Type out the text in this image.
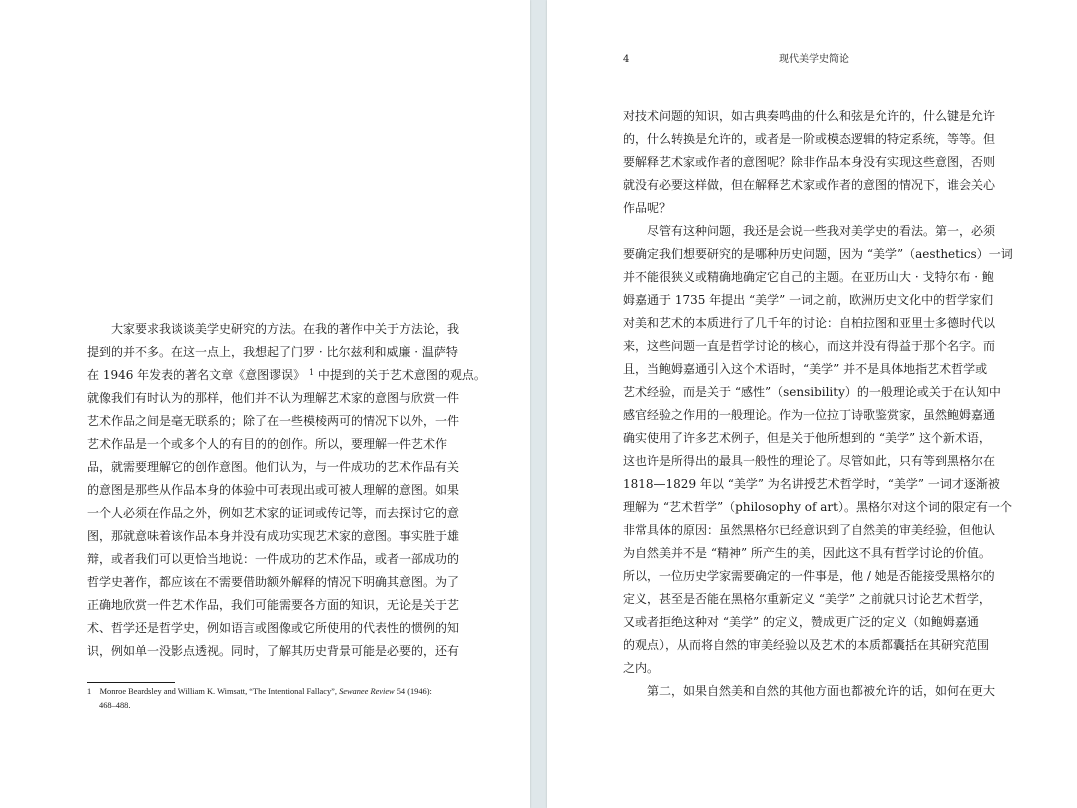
大家要求我谈谈美学史研究的方法。在我的著作中关于方法论，我
提到的并不多。在这一点上，我想起了门罗 · 比尔兹利和威廉 · 温萨特
在 1946 年发表的著名文章《意图谬误》 $^1$ 中提到的关于艺术意图的观点。
就像我们有时认为的那样，他们并不认为理解艺术家的意图与欣赏一件
艺术作品之间是毫无联系的；除了在一些模棱两可的情况下以外，一件
艺术作品是一个或多个人的有目的的创作。所以，要理解一件艺术作
品，就需要理解它的创作意图。他们认为，与一件成功的艺术作品有关
的意图是那些从作品本身的体验中可表现出或可被人理解的意图。如果
一个人必须在作品之外，例如艺术家的证词或传记等，而去探讨它的意
图，那就意味着该作品本身并没有成功实现艺术家的意图。事实胜于雄
辩，或者我们可以更恰当地说：一件成功的艺术作品，或者一部成功的
哲学史著作，都应该在不需要借助额外解释的情况下明确其意图。为了
正确地欣赏一件艺术作品，我们可能需要各方面的知识，无论是关于艺
术、哲学还是哲学史，例如语言或图像或它所使用的代表性的惯例的知
识，例如单一没影点透视。同时，了解其历史背景可能是必要的，还有
1 Monroe Beardsley and William K. Wimsatt, “The Intentional Fallacy”, Sewanee Review 54 (1946):
468–488.
4	现代美学史简论
对技术问题的知识，如古典奏鸣曲的什么和弦是允许的，什么键是允许
的，什么转换是允许的，或者是一阶或模态逻辑的特定系统，等等。但
要解释艺术家或作者的意图呢？除非作品本身没有实现这些意图，否则
就没有必要这样做，但在解释艺术家或作者的意图的情况下，谁会关心
作品呢？
尽管有这种问题，我还是会说一些我对美学史的看法。第一，必须
要确定我们想要研究的是哪种历史问题，因为 “美学”（aesthetics）一词
并不能很狭义或精确地确定它自己的主题。在亚历山大 · 戈特尔布 · 鲍
姆嘉通于 1735 年提出 “美学” 一词之前，欧洲历史文化中的哲学家们
对美和艺术的本质进行了几千年的讨论：自柏拉图和亚里士多德时代以
来，这些问题一直是哲学讨论的核心，而这并没有得益于那个名字。而
且，当鲍姆嘉通引入这个术语时，“美学” 并不是具体地指艺术哲学或
艺术经验，而是关于 “感性”（sensibility）的一般理论或关于在认知中
感官经验之作用的一般理论。作为一位拉丁诗歌鉴赏家，虽然鲍姆嘉通
确实使用了许多艺术例子，但是关于他所想到的 “美学” 这个新术语，
这也许是所得出的最具一般性的理论了。尽管如此，只有等到黑格尔在
1818—1829 年以 “美学” 为名讲授艺术哲学时，“美学” 一词才逐渐被
理解为 “艺术哲学”（philosophy of art）。黑格尔对这个词的限定有一个
非常具体的原因：虽然黑格尔已经意识到了自然美的审美经验，但他认
为自然美并不是 “精神” 所产生的美，因此这不具有哲学讨论的价值。
所以，一位历史学家需要确定的一件事是，他 / 她是否能接受黑格尔的
定义，甚至是否能在黑格尔重新定义 “美学” 之前就只讨论艺术哲学，
又或者拒绝这种对 “美学” 的定义，赞成更广泛的定义（如鲍姆嘉通
的观点），从而将自然的审美经验以及艺术的本质都囊括在其研究范围
之内。
第二，如果自然美和自然的其他方面也都被允许的话，如何在更大
